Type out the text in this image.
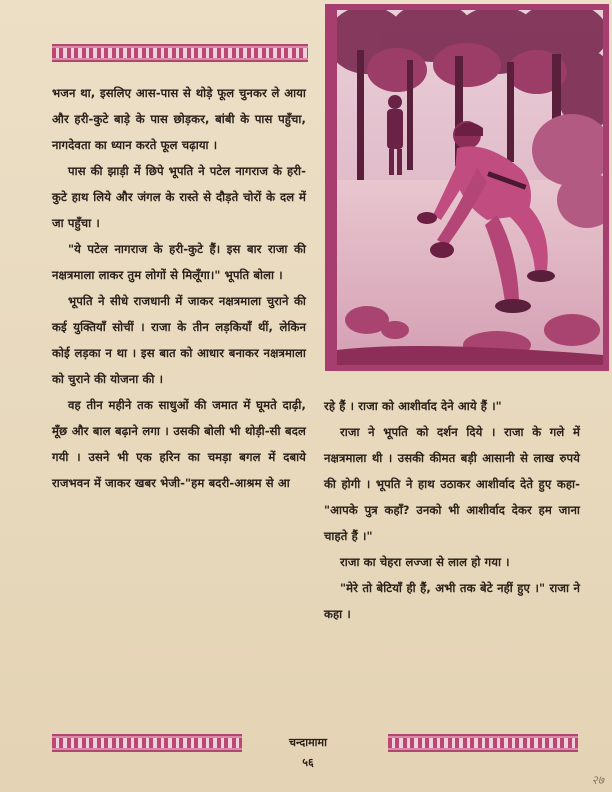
भजन था, इसलिए आस-पास से थोड़े फूल चुनकर ले आया और हरी-कुटे बाड़े के पास छोड़कर, बांबी के पास पहुँचा, नागदेवता का ध्यान करते फूल चढ़ाया ।

पास की झाड़ी में छिपे भूपति ने पटेल नागराज के हरी-कुटे हाथ लिये और जंगल के रास्ते से दौड़ते चोरों के दल में जा पहुँचा ।

"ये पटेल नागराज के हरी-कुटे हैं। इस बार राजा की नक्षत्रमाला लाकर तुम लोगों से मिलूँगा।" भूपति बोला ।

भूपति ने सीधे राजधानी में जाकर नक्षत्रमाला चुराने की कई युक्तियाँ सोचीं । राजा के तीन लड़कियाँ थीं, लेकिन कोई लड़का न था । इस बात को आधार बनाकर नक्षत्रमाला को चुराने की योजना की ।

वह तीन महीने तक साधुओं की जमात में घूमते दाढ़ी, मूँछ और बाल बढ़ाने लगा । उसकी बोली भी थोड़ी-सी बदल गयी । उसने भी एक हरिन का चमड़ा बगल में दबाये राजभवन में जाकर खबर भेजी-"हम बदरी-आश्रम से आ

रहे हैं । राजा को आशीर्वाद देने आये हैं ।"

राजा ने भूपति को दर्शन दिये । राजा के गले में नक्षत्रमाला थी । उसकी कीमत बड़ी आसानी से लाख रुपये की होगी । भूपति ने हाथ उठाकर आशीर्वाद देते हुए कहा-"आपके पुत्र कहाँ? उनको भी आशीर्वाद देकर हम जाना चाहते हैं ।"

राजा का चेहरा लज्जा से लाल हो गया ।

"मेरे तो बेटियाँ ही हैं, अभी तक बेटे नहीं हुए ।" राजा ने कहा ।

चन्दामामा
५६
२७
